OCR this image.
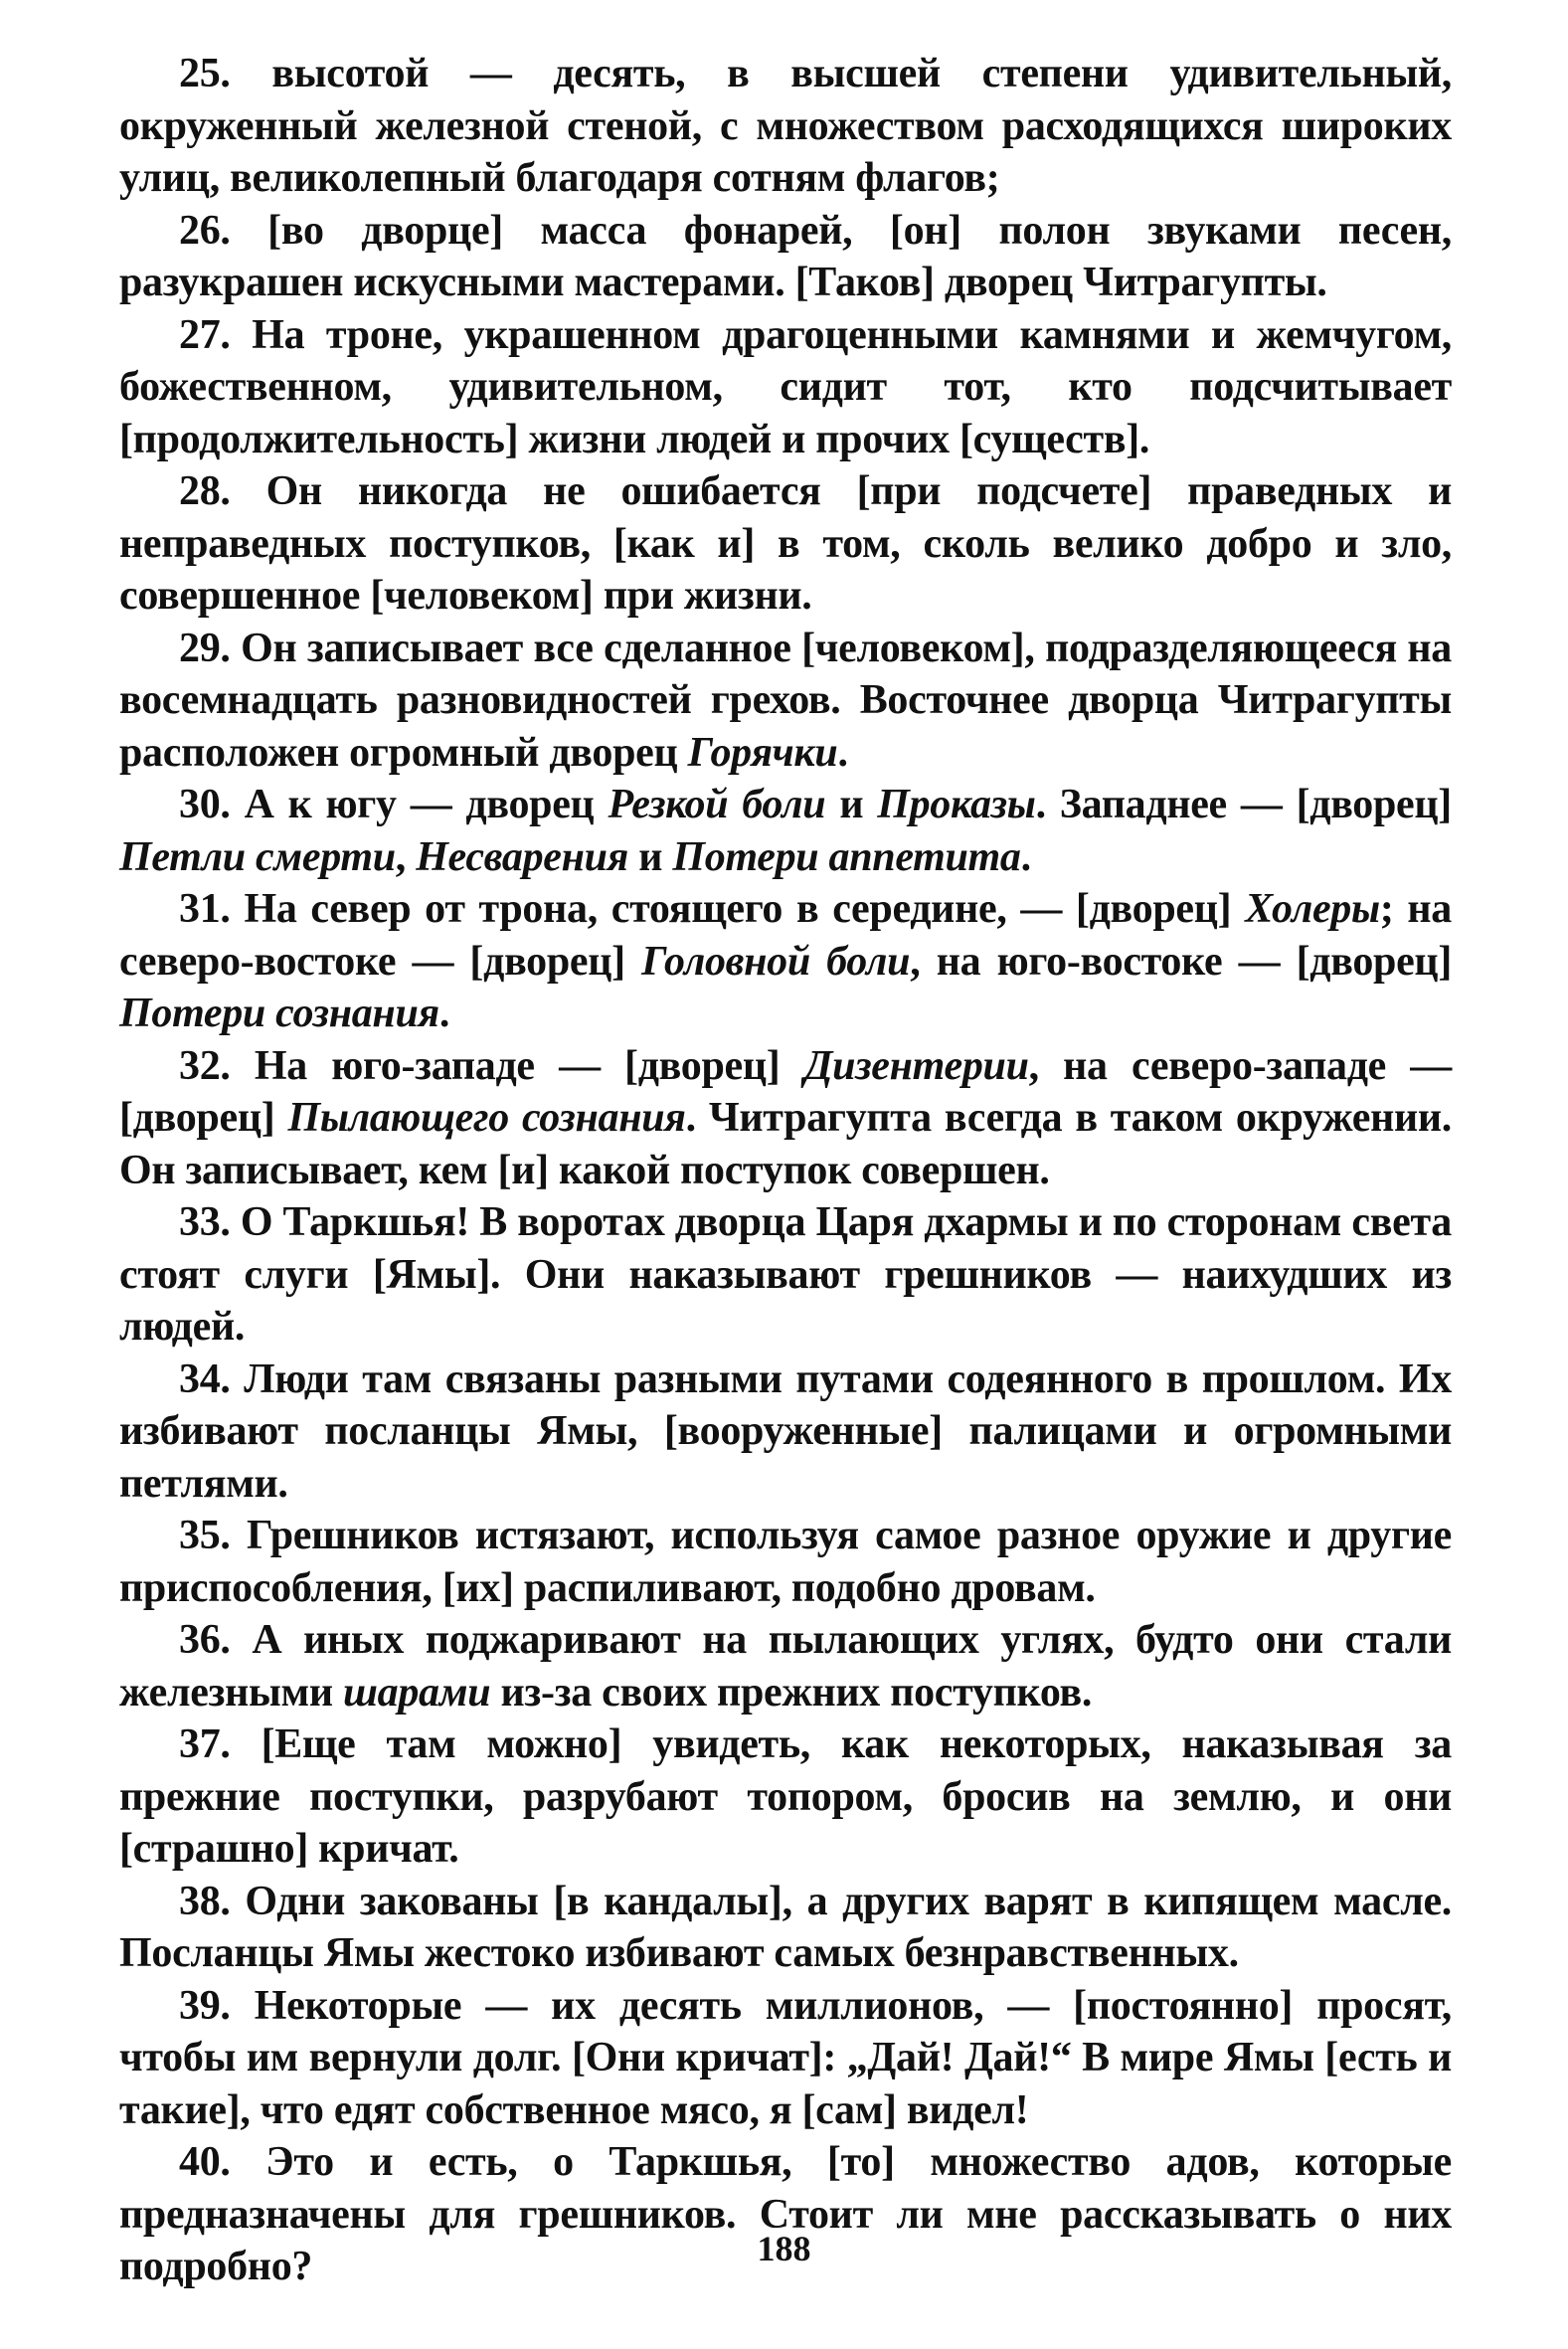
25. высотой — десять, в высшей степени удивительный, окруженный железной стеной, с множеством расходящихся широких улиц, великолепный благодаря сотням флагов;

26. [во дворце] масса фонарей, [он] полон звуками песен, разукрашен искусными мастерами. [Таков] дворец Читрагупты.

27. На троне, украшенном драгоценными камнями и жемчугом, божественном, удивительном, сидит тот, кто подсчитывает [продолжительность] жизни людей и прочих [существ].

28. Он никогда не ошибается [при подсчете] праведных и неправедных поступков, [как и] в том, сколь велико добро и зло, совершенное [человеком] при жизни.

29. Он записывает все сделанное [человеком], подразделяющееся на восемнадцать разновидностей грехов. Восточнее дворца Читрагупты расположен огромный дворец Горячки.

30. А к югу — дворец Резкой боли и Проказы. Западнее — [дворец] Петли смерти, Несварения и Потери аппетита.

31. На север от трона, стоящего в середине, — [дворец] Холеры; на северо-востоке — [дворец] Головной боли, на юго-востоке — [дворец] Потери сознания.

32. На юго-западе — [дворец] Дизентерии, на северо-западе — [дворец] Пылающего сознания. Читрагупта всегда в таком окружении. Он записывает, кем [и] какой поступок совершен.

33. О Таркшья! В воротах дворца Царя дхармы и по сторонам света стоят слуги [Ямы]. Они наказывают грешников — наихудших из людей.

34. Люди там связаны разными путами содеянного в прошлом. Их избивают посланцы Ямы, [вооруженные] палицами и огромными петлями.

35. Грешников истязают, используя самое разное оружие и другие приспособления, [их] распиливают, подобно дровам.

36. А иных поджаривают на пылающих углях, будто они стали железными шарами из-за своих прежних поступков.

37. [Еще там можно] увидеть, как некоторых, наказывая за прежние поступки, разрубают топором, бросив на землю, и они [страшно] кричат.

38. Одни закованы [в кандалы], а других варят в кипящем масле. Посланцы Ямы жестоко избивают самых безнравственных.

39. Некоторые — их десять миллионов, — [постоянно] просят, чтобы им вернули долг. [Они кричат]: „Дай! Дай!“ В мире Ямы [есть и такие], что едят собственное мясо, я [сам] видел!

40. Это и есть, о Таркшья, [то] множество адов, которые предназначены для грешников. Стоит ли мне рассказывать о них подробно?	188
